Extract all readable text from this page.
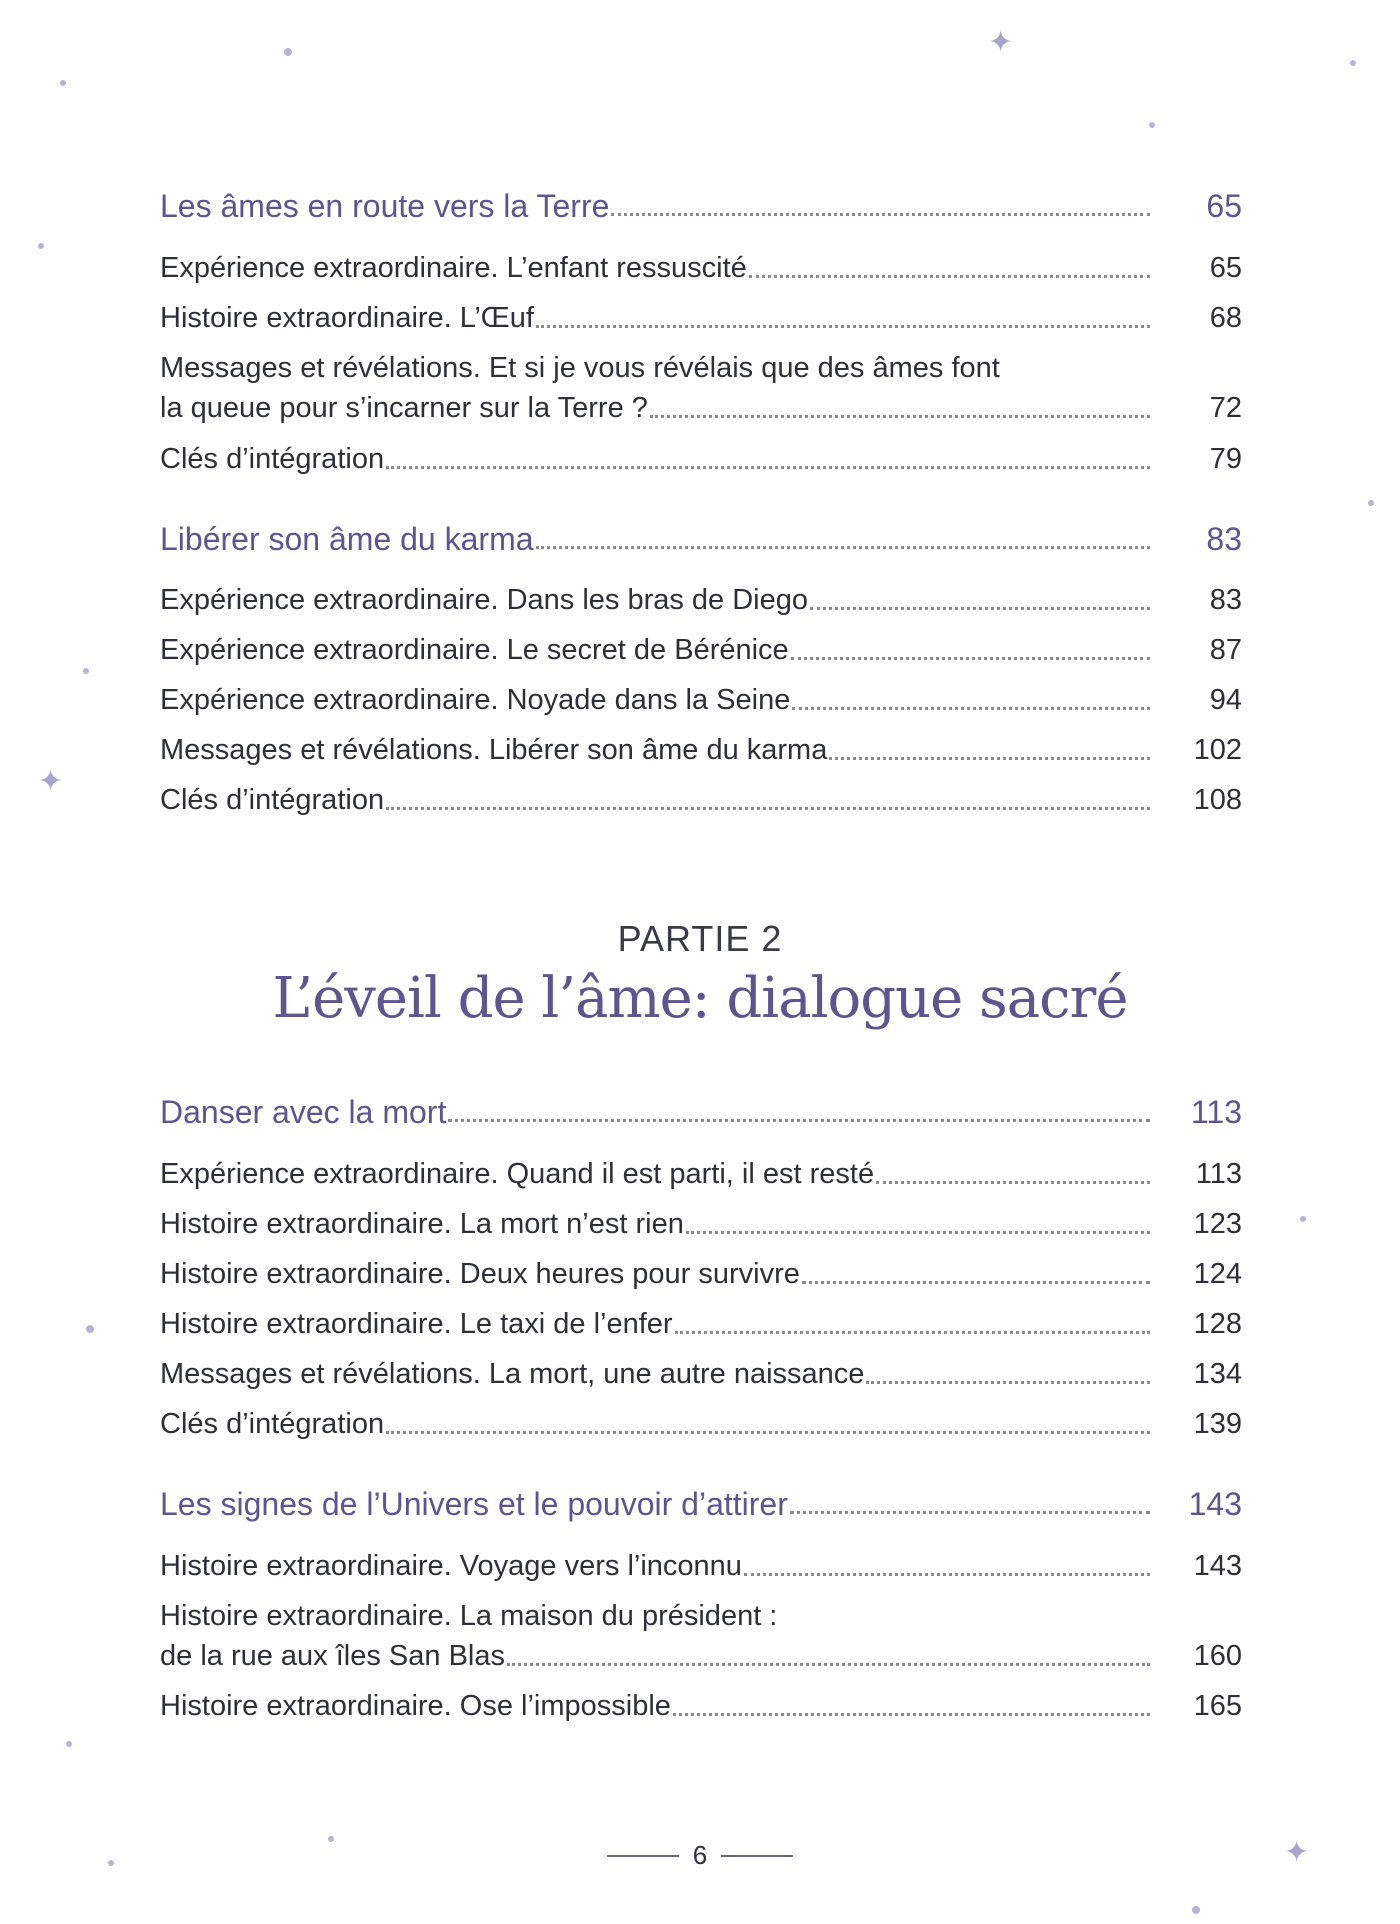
✦
✦
✦
Les âmes en route vers la Terre	65
Expérience extraordinaire. L’enfant ressuscité	65
Histoire extraordinaire. L’Œuf	68
Messages et révélations. Et si je vous révélais que des âmes font
la queue pour s’incarner sur la Terre ?	72
Clés d’intégration	79
Libérer son âme du karma	83
Expérience extraordinaire. Dans les bras de Diego	83
Expérience extraordinaire. Le secret de Bérénice	87
Expérience extraordinaire. Noyade dans la Seine	94
Messages et révélations. Libérer son âme du karma	102
Clés d’intégration	108
Danser avec la mort	113
Expérience extraordinaire. Quand il est parti, il est resté	113
Histoire extraordinaire. La mort n’est rien	123
Histoire extraordinaire. Deux heures pour survivre	124
Histoire extraordinaire. Le taxi de l’enfer	128
Messages et révélations. La mort, une autre naissance	134
Clés d’intégration	139
Les signes de l’Univers et le pouvoir d’attirer	143
Histoire extraordinaire. Voyage vers l’inconnu	143
Histoire extraordinaire. La maison du président :
de la rue aux îles San Blas	160
Histoire extraordinaire. Ose l’impossible	165
PARTIE 2
L’éveil de l’âme: dialogue sacré
6
